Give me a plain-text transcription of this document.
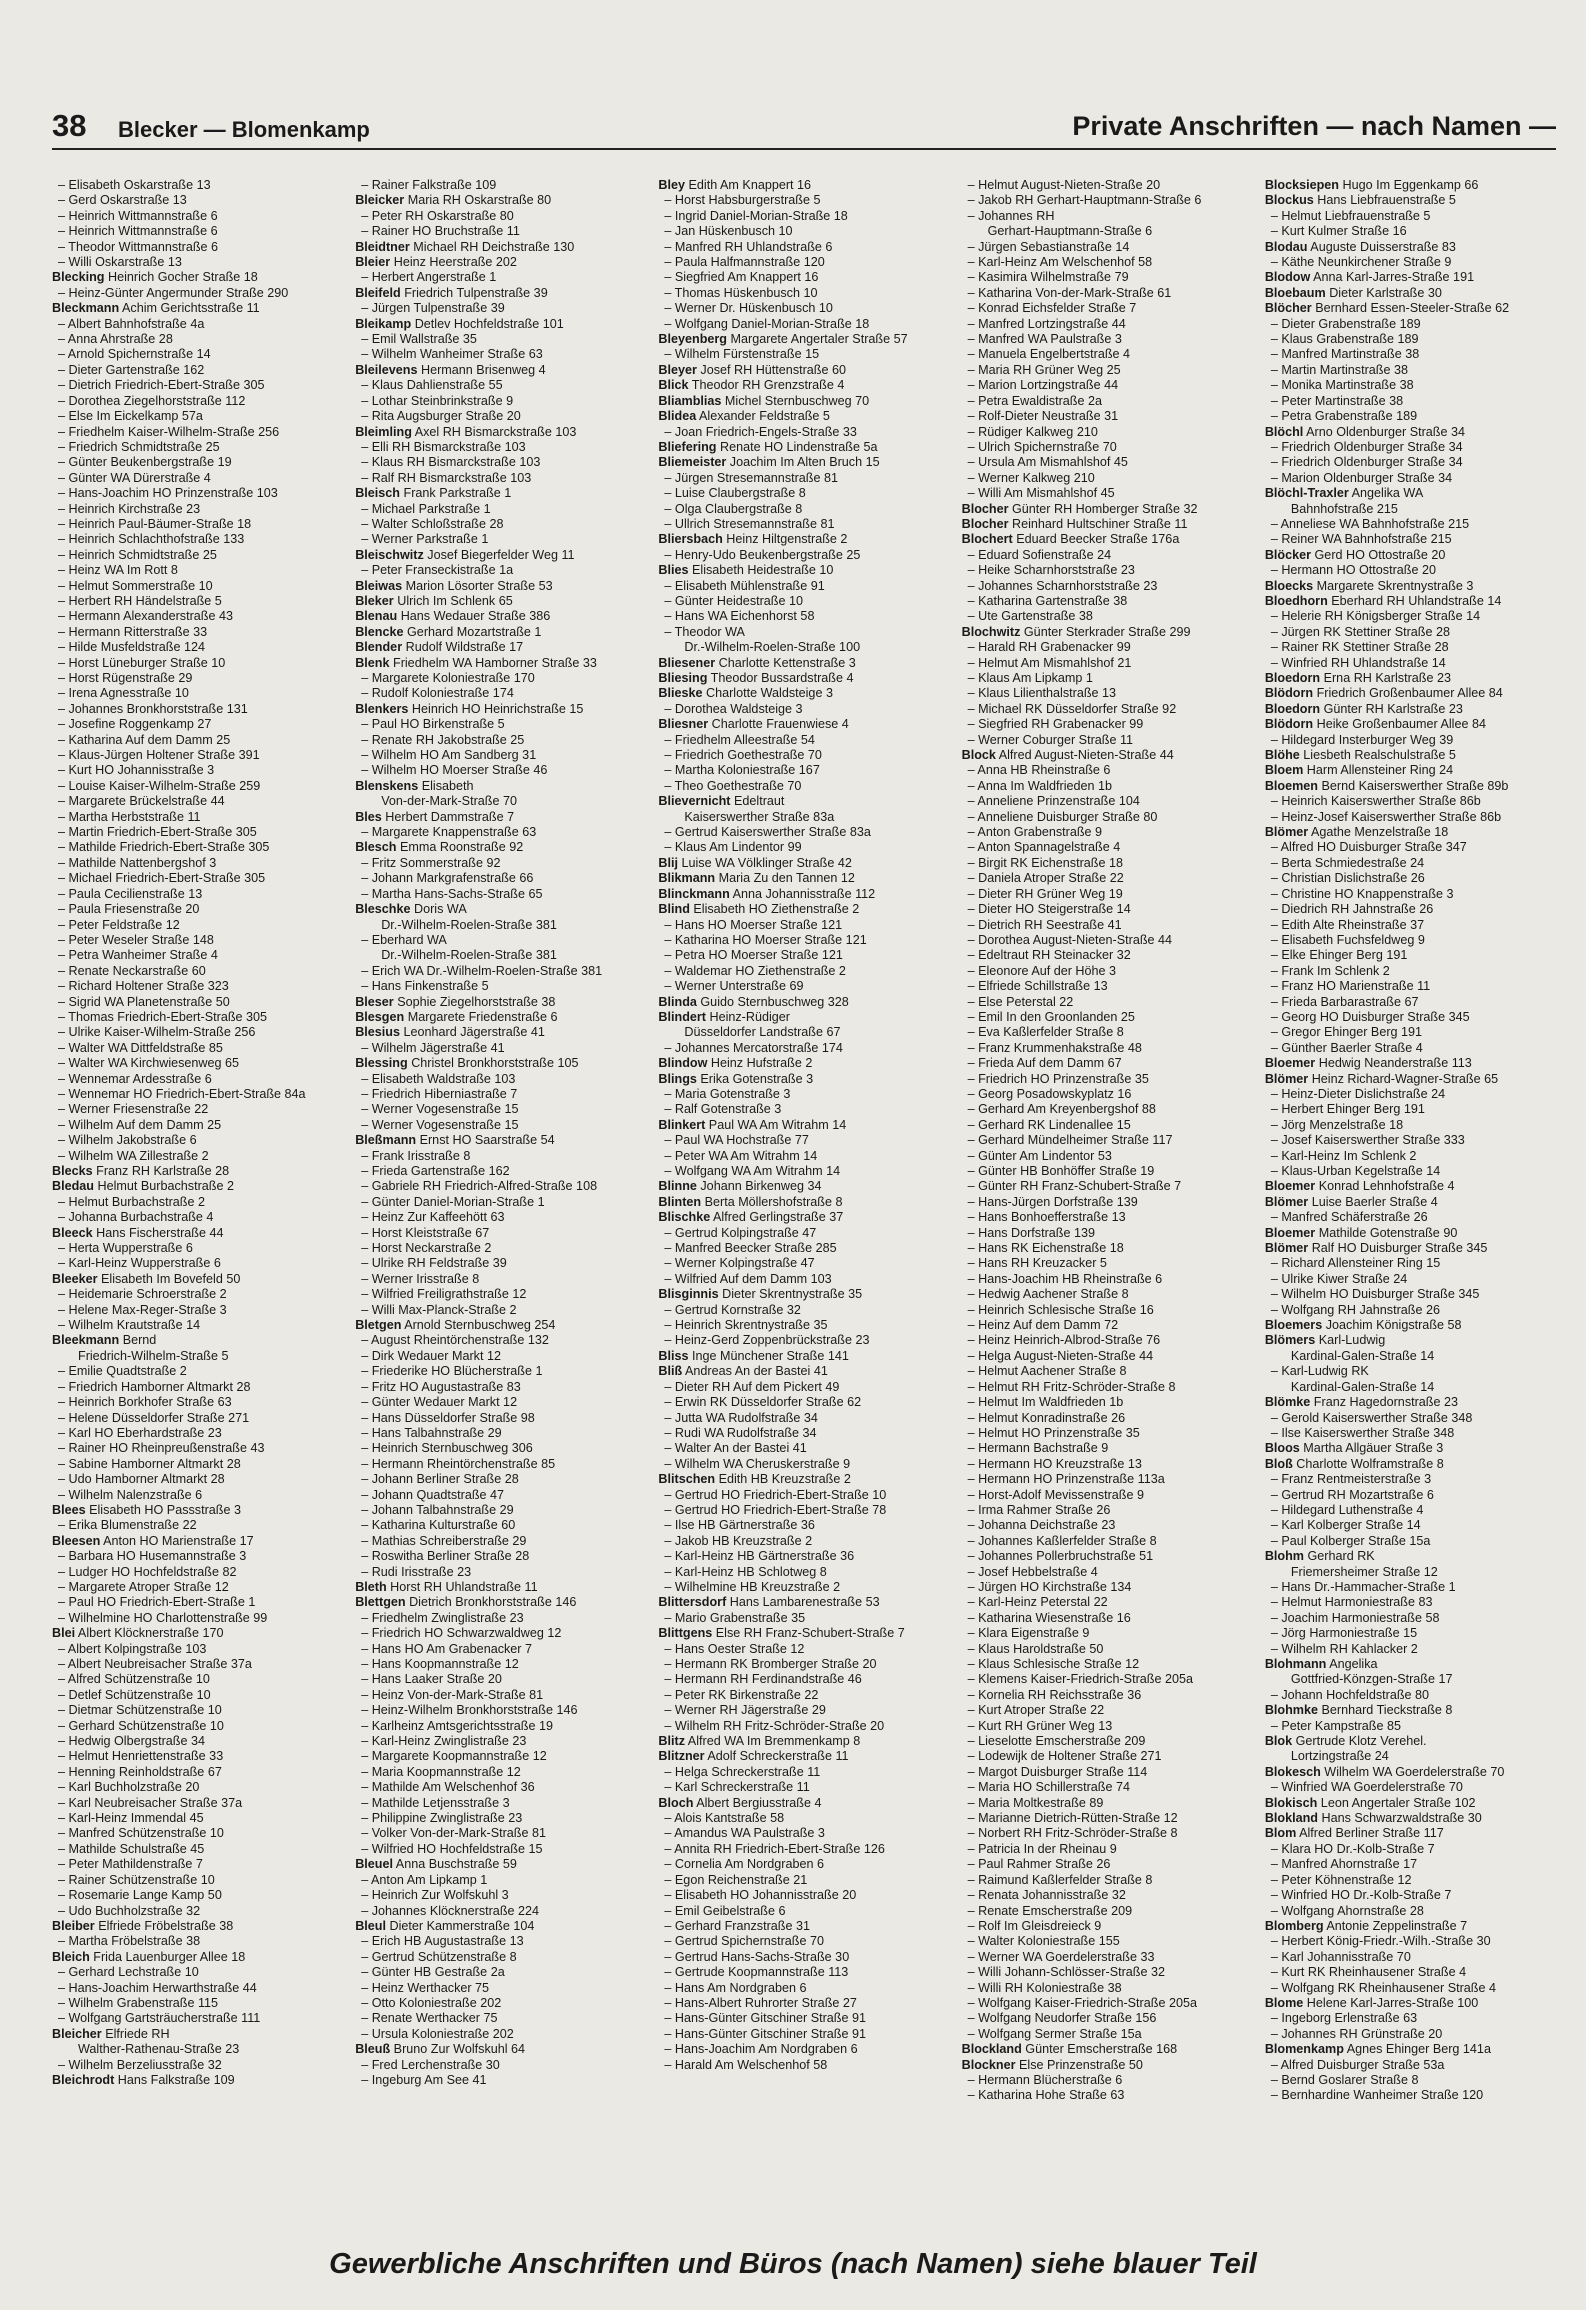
38 Blecker — Blomenkamp	Private Anschriften — nach Namen —
– Elisabeth Oskarstraße 13
– Gerd Oskarstraße 13
– Heinrich Wittmannstraße 6
– Heinrich Wittmannstraße 6
– Theodor Wittmannstraße 6
– Willi Oskarstraße 13
Blecking Heinrich Gocher Straße 18
– Heinz-Günter Angermunder Straße 290
Bleckmann Achim Gerichtsstraße 11
– Albert Bahnhofstraße 4a
– Anna Ahrstraße 28
– Arnold Spichernstraße 14
– Dieter Gartenstraße 162
– Dietrich Friedrich-Ebert-Straße 305
– Dorothea Ziegelhorststraße 112
– Else Im Eickelkamp 57a
– Friedhelm Kaiser-Wilhelm-Straße 256
– Friedrich Schmidtstraße 25
– Günter Beukenbergstraße 19
– Günter WA Dürerstraße 4
– Hans-Joachim HO Prinzenstraße 103
– Heinrich Kirchstraße 23
– Heinrich Paul-Bäumer-Straße 18
– Heinrich Schlachthofstraße 133
– Heinrich Schmidtstraße 25
– Heinz WA Im Rott 8
– Helmut Sommerstraße 10
– Herbert RH Händelstraße 5
– Hermann Alexanderstraße 43
– Hermann Ritterstraße 33
– Hilde Musfeldstraße 124
– Horst Lüneburger Straße 10
– Horst Rügenstraße 29
– Irena Agnesstraße 10
– Johannes Bronkhorststraße 131
– Josefine Roggenkamp 27
– Katharina Auf dem Damm 25
– Klaus-Jürgen Holtener Straße 391
– Kurt HO Johannisstraße 3
– Louise Kaiser-Wilhelm-Straße 259
– Margarete Brückelstraße 44
– Martha Herbststraße 11
– Martin Friedrich-Ebert-Straße 305
– Mathilde Friedrich-Ebert-Straße 305
– Mathilde Nattenbergshof 3
– Michael Friedrich-Ebert-Straße 305
– Paula Cecilienstraße 13
– Paula Friesenstraße 20
– Peter Feldstraße 12
– Peter Weseler Straße 148
– Petra Wanheimer Straße 4
– Renate Neckarstraße 60
– Richard Holtener Straße 323
– Sigrid WA Planetenstraße 50
– Thomas Friedrich-Ebert-Straße 305
– Ulrike Kaiser-Wilhelm-Straße 256
– Walter WA Dittfeldstraße 85
– Walter WA Kirchwiesenweg 65
– Wennemar Ardesstraße 6
– Wennemar HO Friedrich-Ebert-Straße 84a
– Werner Friesenstraße 22
– Wilhelm Auf dem Damm 25
– Wilhelm Jakobstraße 6
– Wilhelm WA Zillestraße 2
Blecks Franz RH Karlstraße 28
Bledau Helmut Burbachstraße 2
– Helmut Burbachstraße 2
– Johanna Burbachstraße 4
Bleeck Hans Fischerstraße 44
– Herta Wupperstraße 6
– Karl-Heinz Wupperstraße 6
Bleeker Elisabeth Im Bovefeld 50
– Heidemarie Schroerstraße 2
– Helene Max-Reger-Straße 3
– Wilhelm Krautstraße 14
Bleekmann Bernd
Friedrich-Wilhelm-Straße 5
– Emilie Quadtstraße 2
– Friedrich Hamborner Altmarkt 28
– Heinrich Borkhofer Straße 63
– Helene Düsseldorfer Straße 271
– Karl HO Eberhardstraße 23
– Rainer HO Rheinpreußenstraße 43
– Sabine Hamborner Altmarkt 28
– Udo Hamborner Altmarkt 28
– Wilhelm Nalenzstraße 6
Blees Elisabeth HO Passstraße 3
– Erika Blumenstraße 22
Bleesen Anton HO Marienstraße 17
– Barbara HO Husemannstraße 3
– Ludger HO Hochfeldstraße 82
– Margarete Atroper Straße 12
– Paul HO Friedrich-Ebert-Straße 1
– Wilhelmine HO Charlottenstraße 99
Blei Albert Klöcknerstraße 170
– Albert Kolpingstraße 103
– Albert Neubreisacher Straße 37a
– Alfred Schützenstraße 10
– Detlef Schützenstraße 10
– Dietmar Schützenstraße 10
– Gerhard Schützenstraße 10
– Hedwig Olbergstraße 34
– Helmut Henriettenstraße 33
– Henning Reinholdstraße 67
– Karl Buchholzstraße 20
– Karl Neubreisacher Straße 37a
– Karl-Heinz Immendal 45
– Manfred Schützenstraße 10
– Mathilde Schulstraße 45
– Peter Mathildenstraße 7
– Rainer Schützenstraße 10
– Rosemarie Lange Kamp 50
– Udo Buchholzstraße 32
Bleiber Elfriede Fröbelstraße 38
– Martha Fröbelstraße 38
Bleich Frida Lauenburger Allee 18
– Gerhard Lechstraße 10
– Hans-Joachim Herwarthstraße 44
– Wilhelm Grabenstraße 115
– Wolfgang Gartsträucherstraße 111
Bleicher Elfriede RH
Walther-Rathenau-Straße 23
– Wilhelm Berzeliusstraße 32
Bleichrodt Hans Falkstraße 109
– Rainer Falkstraße 109
Bleicker Maria RH Oskarstraße 80
– Peter RH Oskarstraße 80
– Rainer HO Bruchstraße 11
Bleidtner Michael RH Deichstraße 130
Bleier Heinz Heerstraße 202
– Herbert Angerstraße 1
Bleifeld Friedrich Tulpenstraße 39
– Jürgen Tulpenstraße 39
Bleikamp Detlev Hochfeldstraße 101
– Emil Wallstraße 35
– Wilhelm Wanheimer Straße 63
Bleilevens Hermann Brisenweg 4
– Klaus Dahlienstraße 55
– Lothar Steinbrinkstraße 9
– Rita Augsburger Straße 20
Bleimling Axel RH Bismarckstraße 103
– Elli RH Bismarckstraße 103
– Klaus RH Bismarckstraße 103
– Ralf RH Bismarckstraße 103
Bleisch Frank Parkstraße 1
– Michael Parkstraße 1
– Walter Schloßstraße 28
– Werner Parkstraße 1
Bleischwitz Josef Biegerfelder Weg 11
– Peter Franseckistraße 1a
Bleiwas Marion Lösorter Straße 53
Bleker Ulrich Im Schlenk 65
Blenau Hans Wedauer Straße 386
Blencke Gerhard Mozartstraße 1
Blender Rudolf Wildstraße 17
Blenk Friedhelm WA Hamborner Straße 33
– Margarete Koloniestraße 170
– Rudolf Koloniestraße 174
Blenkers Heinrich HO Heinrichstraße 15
– Paul HO Birkenstraße 5
– Renate RH Jakobstraße 25
– Wilhelm HO Am Sandberg 31
– Wilhelm HO Moerser Straße 46
Blenskens Elisabeth
Von-der-Mark-Straße 70
Bles Herbert Dammstraße 7
– Margarete Knappenstraße 63
Blesch Emma Roonstraße 92
– Fritz Sommerstraße 92
– Johann Markgrafenstraße 66
– Martha Hans-Sachs-Straße 65
Bleschke Doris WA
Dr.-Wilhelm-Roelen-Straße 381
– Eberhard WA
Dr.-Wilhelm-Roelen-Straße 381
– Erich WA Dr.-Wilhelm-Roelen-Straße 381
– Hans Finkenstraße 5
Bleser Sophie Ziegelhorststraße 38
Blesgen Margarete Friedenstraße 6
Blesius Leonhard Jägerstraße 41
– Wilhelm Jägerstraße 41
Blessing Christel Bronkhorststraße 105
– Elisabeth Waldstraße 103
– Friedrich Hiberniastraße 7
– Werner Vogesenstraße 15
– Werner Vogesenstraße 15
Bleßmann Ernst HO Saarstraße 54
– Frank Irisstraße 8
– Frieda Gartenstraße 162
– Gabriele RH Friedrich-Alfred-Straße 108
– Günter Daniel-Morian-Straße 1
– Heinz Zur Kaffeehött 63
– Horst Kleiststraße 67
– Horst Neckarstraße 2
– Ulrike RH Feldstraße 39
– Werner Irisstraße 8
– Wilfried Freiligrathstraße 12
– Willi Max-Planck-Straße 2
Bletgen Arnold Sternbuschweg 254
– August Rheintörchenstraße 132
– Dirk Wedauer Markt 12
– Friederike HO Blücherstraße 1
– Fritz HO Augustastraße 83
– Günter Wedauer Markt 12
– Hans Düsseldorfer Straße 98
– Hans Talbahnstraße 29
– Heinrich Sternbuschweg 306
– Hermann Rheintörchenstraße 85
– Johann Berliner Straße 28
– Johann Quadtstraße 47
– Johann Talbahnstraße 29
– Katharina Kulturstraße 60
– Mathias Schreiberstraße 29
– Roswitha Berliner Straße 28
– Rudi Irisstraße 23
Bleth Horst RH Uhlandstraße 11
Blettgen Dietrich Bronkhorststraße 146
– Friedhelm Zwinglistraße 23
– Friedrich HO Schwarzwaldweg 12
– Hans HO Am Grabenacker 7
– Hans Koopmannstraße 12
– Hans Laaker Straße 20
– Heinz Von-der-Mark-Straße 81
– Heinz-Wilhelm Bronkhorststraße 146
– Karlheinz Amtsgerichtsstraße 19
– Karl-Heinz Zwinglistraße 23
– Margarete Koopmannstraße 12
– Maria Koopmannstraße 12
– Mathilde Am Welschenhof 36
– Mathilde Letjensstraße 3
– Philippine Zwinglistraße 23
– Volker Von-der-Mark-Straße 81
– Wilfried HO Hochfeldstraße 15
Bleuel Anna Buschstraße 59
– Anton Am Lipkamp 1
– Heinrich Zur Wolfskuhl 3
– Johannes Klöcknerstraße 224
Bleul Dieter Kammerstraße 104
– Erich HB Augustastraße 13
– Gertrud Schützenstraße 8
– Günter HB Gestraße 2a
– Heinz Werthacker 75
– Otto Koloniestraße 202
– Renate Werthacker 75
– Ursula Koloniestraße 202
Bleuß Bruno Zur Wolfskuhl 64
– Fred Lerchenstraße 30
– Ingeburg Am See 41
Bley Edith Am Knappert 16
– Horst Habsburgerstraße 5
– Ingrid Daniel-Morian-Straße 18
– Jan Hüskenbusch 10
– Manfred RH Uhlandstraße 6
– Paula Halfmannstraße 120
– Siegfried Am Knappert 16
– Thomas Hüskenbusch 10
– Werner Dr. Hüskenbusch 10
– Wolfgang Daniel-Morian-Straße 18
Bleyenberg Margarete Angertaler Straße 57
– Wilhelm Fürstenstraße 15
Bleyer Josef RH Hüttenstraße 60
Blick Theodor RH Grenzstraße 4
Bliamblias Michel Sternbuschweg 70
Blidea Alexander Feldstraße 5
– Joan Friedrich-Engels-Straße 33
Bliefering Renate HO Lindenstraße 5a
Bliemeister Joachim Im Alten Bruch 15
– Jürgen Stresemannstraße 81
– Luise Claubergstraße 8
– Olga Claubergstraße 8
– Ullrich Stresemannstraße 81
Bliersbach Heinz Hiltgenstraße 2
– Henry-Udo Beukenbergstraße 25
Blies Elisabeth Heidestraße 10
– Elisabeth Mühlenstraße 91
– Günter Heidestraße 10
– Hans WA Eichenhorst 58
– Theodor WA
Dr.-Wilhelm-Roelen-Straße 100
Bliesener Charlotte Kettenstraße 3
Bliesing Theodor Bussardstraße 4
Blieske Charlotte Waldsteige 3
– Dorothea Waldsteige 3
Bliesner Charlotte Frauenwiese 4
– Friedhelm Alleestraße 54
– Friedrich Goethestraße 70
– Martha Koloniestraße 167
– Theo Goethestraße 70
Blievernicht Edeltraut
Kaiserswerther Straße 83a
– Gertrud Kaiserswerther Straße 83a
– Klaus Am Lindentor 99
Blij Luise WA Völklinger Straße 42
Blikmann Maria Zu den Tannen 12
Blinckmann Anna Johannisstraße 112
Blind Elisabeth HO Ziethenstraße 2
– Hans HO Moerser Straße 121
– Katharina HO Moerser Straße 121
– Petra HO Moerser Straße 121
– Waldemar HO Ziethenstraße 2
– Werner Unterstraße 69
Blinda Guido Sternbuschweg 328
Blindert Heinz-Rüdiger
Düsseldorfer Landstraße 67
– Johannes Mercatorstraße 174
Blindow Heinz Hufstraße 2
Blings Erika Gotenstraße 3
– Maria Gotenstraße 3
– Ralf Gotenstraße 3
Blinkert Paul WA Am Witrahm 14
– Paul WA Hochstraße 77
– Peter WA Am Witrahm 14
– Wolfgang WA Am Witrahm 14
Blinne Johann Birkenweg 34
Blinten Berta Möllershofstraße 8
Blischke Alfred Gerlingstraße 37
– Gertrud Kolpingstraße 47
– Manfred Beecker Straße 285
– Werner Kolpingstraße 47
– Wilfried Auf dem Damm 103
Blisginnis Dieter Skrentnystraße 35
– Gertrud Kornstraße 32
– Heinrich Skrentnystraße 35
– Heinz-Gerd Zoppenbrückstraße 23
Bliss Inge Münchener Straße 141
Bliß Andreas An der Bastei 41
– Dieter RH Auf dem Pickert 49
– Erwin RK Düsseldorfer Straße 62
– Jutta WA Rudolfstraße 34
– Rudi WA Rudolfstraße 34
– Walter An der Bastei 41
– Wilhelm WA Cheruskerstraße 9
Blitschen Edith HB Kreuzstraße 2
– Gertrud HO Friedrich-Ebert-Straße 10
– Gertrud HO Friedrich-Ebert-Straße 78
– Ilse HB Gärtnerstraße 36
– Jakob HB Kreuzstraße 2
– Karl-Heinz HB Gärtnerstraße 36
– Karl-Heinz HB Schlotweg 8
– Wilhelmine HB Kreuzstraße 2
Blittersdorf Hans Lambarenestraße 53
– Mario Grabenstraße 35
Blittgens Else RH Franz-Schubert-Straße 7
– Hans Oester Straße 12
– Hermann RK Bromberger Straße 20
– Hermann RH Ferdinandstraße 46
– Peter RK Birkenstraße 22
– Werner RH Jägerstraße 29
– Wilhelm RH Fritz-Schröder-Straße 20
Blitz Alfred WA Im Bremmenkamp 8
Blitzner Adolf Schreckerstraße 11
– Helga Schreckerstraße 11
– Karl Schreckerstraße 11
Bloch Albert Bergiusstraße 4
– Alois Kantstraße 58
– Amandus WA Paulstraße 3
– Annita RH Friedrich-Ebert-Straße 126
– Cornelia Am Nordgraben 6
– Egon Reichenstraße 21
– Elisabeth HO Johannisstraße 20
– Emil Geibelstraße 6
– Gerhard Franzstraße 31
– Gertrud Spichernstraße 70
– Gertrud Hans-Sachs-Straße 30
– Gertrude Koopmannstraße 113
– Hans Am Nordgraben 6
– Hans-Albert Ruhrorter Straße 27
– Hans-Günter Gitschiner Straße 91
– Hans-Günter Gitschiner Straße 91
– Hans-Joachim Am Nordgraben 6
– Harald Am Welschenhof 58
– Helmut August-Nieten-Straße 20
– Jakob RH Gerhart-Hauptmann-Straße 6
– Johannes RH
Gerhart-Hauptmann-Straße 6
– Jürgen Sebastianstraße 14
– Karl-Heinz Am Welschenhof 58
– Kasimira Wilhelmstraße 79
– Katharina Von-der-Mark-Straße 61
– Konrad Eichsfelder Straße 7
– Manfred Lortzingstraße 44
– Manfred WA Paulstraße 3
– Manuela Engelbertstraße 4
– Maria RH Grüner Weg 25
– Marion Lortzingstraße 44
– Petra Ewaldistraße 2a
– Rolf-Dieter Neustraße 31
– Rüdiger Kalkweg 210
– Ulrich Spichernstraße 70
– Ursula Am Mismahlshof 45
– Werner Kalkweg 210
– Willi Am Mismahlshof 45
Blocher Günter RH Homberger Straße 32
Blocher Reinhard Hultschiner Straße 11
Blochert Eduard Beecker Straße 176a
– Eduard Sofienstraße 24
– Heike Scharnhorststraße 23
– Johannes Scharnhorststraße 23
– Katharina Gartenstraße 38
– Ute Gartenstraße 38
Blochwitz Günter Sterkrader Straße 299
– Harald RH Grabenacker 99
– Helmut Am Mismahlshof 21
– Klaus Am Lipkamp 1
– Klaus Lilienthalstraße 13
– Michael RK Düsseldorfer Straße 92
– Siegfried RH Grabenacker 99
– Werner Coburger Straße 11
Block Alfred August-Nieten-Straße 44
– Anna HB Rheinstraße 6
– Anna Im Waldfrieden 1b
– Anneliene Prinzenstraße 104
– Anneliene Duisburger Straße 80
– Anton Grabenstraße 9
– Anton Spannagelstraße 4
– Birgit RK Eichenstraße 18
– Daniela Atroper Straße 22
– Dieter RH Grüner Weg 19
– Dieter HO Steigerstraße 14
– Dietrich RH Seestraße 41
– Dorothea August-Nieten-Straße 44
– Edeltraut RH Steinacker 32
– Eleonore Auf der Höhe 3
– Elfriede Schillstraße 13
– Else Peterstal 22
– Emil In den Groonlanden 25
– Eva Kaßlerfelder Straße 8
– Franz Krummenhakstraße 48
– Frieda Auf dem Damm 67
– Friedrich HO Prinzenstraße 35
– Georg Posadowskyplatz 16
– Gerhard Am Kreyenbergshof 88
– Gerhard RK Lindenallee 15
– Gerhard Mündelheimer Straße 117
– Günter Am Lindentor 53
– Günter HB Bonhöffer Straße 19
– Günter RH Franz-Schubert-Straße 7
– Hans-Jürgen Dorfstraße 139
– Hans Bonhoefferstraße 13
– Hans Dorfstraße 139
– Hans RK Eichenstraße 18
– Hans RH Kreuzacker 5
– Hans-Joachim HB Rheinstraße 6
– Hedwig Aachener Straße 8
– Heinrich Schlesische Straße 16
– Heinz Auf dem Damm 72
– Heinz Heinrich-Albrod-Straße 76
– Helga August-Nieten-Straße 44
– Helmut Aachener Straße 8
– Helmut RH Fritz-Schröder-Straße 8
– Helmut Im Waldfrieden 1b
– Helmut Konradinstraße 26
– Helmut HO Prinzenstraße 35
– Hermann Bachstraße 9
– Hermann HO Kreuzstraße 13
– Hermann HO Prinzenstraße 113a
– Horst-Adolf Mevissenstraße 9
– Irma Rahmer Straße 26
– Johanna Deichstraße 23
– Johannes Kaßlerfelder Straße 8
– Johannes Pollerbruchstraße 51
– Josef Hebbelstraße 4
– Jürgen HO Kirchstraße 134
– Karl-Heinz Peterstal 22
– Katharina Wiesenstraße 16
– Klara Eigenstraße 9
– Klaus Haroldstraße 50
– Klaus Schlesische Straße 12
– Klemens Kaiser-Friedrich-Straße 205a
– Kornelia RH Reichsstraße 36
– Kurt Atroper Straße 22
– Kurt RH Grüner Weg 13
– Lieselotte Emscherstraße 209
– Lodewijk de Holtener Straße 271
– Margot Duisburger Straße 114
– Maria HO Schillerstraße 74
– Maria Moltkestraße 89
– Marianne Dietrich-Rütten-Straße 12
– Norbert RH Fritz-Schröder-Straße 8
– Patricia In der Rheinau 9
– Paul Rahmer Straße 26
– Raimund Kaßlerfelder Straße 8
– Renata Johannisstraße 32
– Renate Emscherstraße 209
– Rolf Im Gleisdreieck 9
– Walter Koloniestraße 155
– Werner WA Goerdelerstraße 33
– Willi Johann-Schlösser-Straße 32
– Willi RH Koloniestraße 38
– Wolfgang Kaiser-Friedrich-Straße 205a
– Wolfgang Neudorfer Straße 156
– Wolfgang Sermer Straße 15a
Blockland Günter Emscherstraße 168
Blockner Else Prinzenstraße 50
– Hermann Blücherstraße 6
– Katharina Hohe Straße 63
Blocksiepen Hugo Im Eggenkamp 66
Blockus Hans Liebfrauenstraße 5
– Helmut Liebfrauenstraße 5
– Kurt Kulmer Straße 16
Blodau Auguste Duisserstraße 83
– Käthe Neunkirchener Straße 9
Blodow Anna Karl-Jarres-Straße 191
Bloebaum Dieter Karlstraße 30
Blöcher Bernhard Essen-Steeler-Straße 62
– Dieter Grabenstraße 189
– Klaus Grabenstraße 189
– Manfred Martinstraße 38
– Martin Martinstraße 38
– Monika Martinstraße 38
– Peter Martinstraße 38
– Petra Grabenstraße 189
Blöchl Arno Oldenburger Straße 34
– Friedrich Oldenburger Straße 34
– Friedrich Oldenburger Straße 34
– Marion Oldenburger Straße 34
Blöchl-Traxler Angelika WA
Bahnhofstraße 215
– Anneliese WA Bahnhofstraße 215
– Reiner WA Bahnhofstraße 215
Blöcker Gerd HO Ottostraße 20
– Hermann HO Ottostraße 20
Bloecks Margarete Skrentnystraße 3
Bloedhorn Eberhard RH Uhlandstraße 14
– Helerie RH Königsberger Straße 14
– Jürgen RK Stettiner Straße 28
– Rainer RK Stettiner Straße 28
– Winfried RH Uhlandstraße 14
Bloedorn Erna RH Karlstraße 23
Blödorn Friedrich Großenbaumer Allee 84
Bloedorn Günter RH Karlstraße 23
Blödorn Heike Großenbaumer Allee 84
– Hildegard Insterburger Weg 39
Blöhe Liesbeth Realschulstraße 5
Bloem Harm Allensteiner Ring 24
Bloemen Bernd Kaiserswerther Straße 89b
– Heinrich Kaiserswerther Straße 86b
– Heinz-Josef Kaiserswerther Straße 86b
Blömer Agathe Menzelstraße 18
– Alfred HO Duisburger Straße 347
– Berta Schmiedestraße 24
– Christian Dislichstraße 26
– Christine HO Knappenstraße 3
– Diedrich RH Jahnstraße 26
– Edith Alte Rheinstraße 37
– Elisabeth Fuchsfeldweg 9
– Elke Ehinger Berg 191
– Frank Im Schlenk 2
– Franz HO Marienstraße 11
– Frieda Barbarastraße 67
– Georg HO Duisburger Straße 345
– Gregor Ehinger Berg 191
– Günther Baerler Straße 4
Bloemer Hedwig Neanderstraße 113
Blömer Heinz Richard-Wagner-Straße 65
– Heinz-Dieter Dislichstraße 24
– Herbert Ehinger Berg 191
– Jörg Menzelstraße 18
– Josef Kaiserswerther Straße 333
– Karl-Heinz Im Schlenk 2
– Klaus-Urban Kegelstraße 14
Bloemer Konrad Lehnhofstraße 4
Blömer Luise Baerler Straße 4
– Manfred Schäferstraße 26
Bloemer Mathilde Gotenstraße 90
Blömer Ralf HO Duisburger Straße 345
– Richard Allensteiner Ring 15
– Ulrike Kiwer Straße 24
– Wilhelm HO Duisburger Straße 345
– Wolfgang RH Jahnstraße 26
Bloemers Joachim Königstraße 58
Blömers Karl-Ludwig
Kardinal-Galen-Straße 14
– Karl-Ludwig RK
Kardinal-Galen-Straße 14
Blömke Franz Hagedornstraße 23
– Gerold Kaiserswerther Straße 348
– Ilse Kaiserswerther Straße 348
Bloos Martha Allgäuer Straße 3
Bloß Charlotte Wolframstraße 8
– Franz Rentmeisterstraße 3
– Gertrud RH Mozartstraße 6
– Hildegard Luthenstraße 4
– Karl Kolberger Straße 14
– Paul Kolberger Straße 15a
Blohm Gerhard RK
Friemersheimer Straße 12
– Hans Dr.-Hammacher-Straße 1
– Helmut Harmoniestraße 83
– Joachim Harmoniestraße 58
– Jörg Harmoniestraße 15
– Wilhelm RH Kahlacker 2
Blohmann Angelika
Gottfried-Könzgen-Straße 17
– Johann Hochfeldstraße 80
Blohmke Bernhard Tieckstraße 8
– Peter Kampstraße 85
Blok Gertrude Klotz Verehel.
Lortzingstraße 24
Blokesch Wilhelm WA Goerdelerstraße 70
– Winfried WA Goerdelerstraße 70
Blokisch Leon Angertaler Straße 102
Blokland Hans Schwarzwaldstraße 30
Blom Alfred Berliner Straße 117
– Klara HO Dr.-Kolb-Straße 7
– Manfred Ahornstraße 17
– Peter Köhnenstraße 12
– Winfried HO Dr.-Kolb-Straße 7
– Wolfgang Ahornstraße 28
Blomberg Antonie Zeppelinstraße 7
– Herbert König-Friedr.-Wilh.-Straße 30
– Karl Johannisstraße 70
– Kurt RK Rheinhausener Straße 4
– Wolfgang RK Rheinhausener Straße 4
Blome Helene Karl-Jarres-Straße 100
– Ingeborg Erlenstraße 63
– Johannes RH Grünstraße 20
Blomenkamp Agnes Ehinger Berg 141a
– Alfred Duisburger Straße 53a
– Bernd Goslarer Straße 8
– Bernhardine Wanheimer Straße 120
Gewerbliche Anschriften und Büros (nach Namen) siehe blauer Teil
